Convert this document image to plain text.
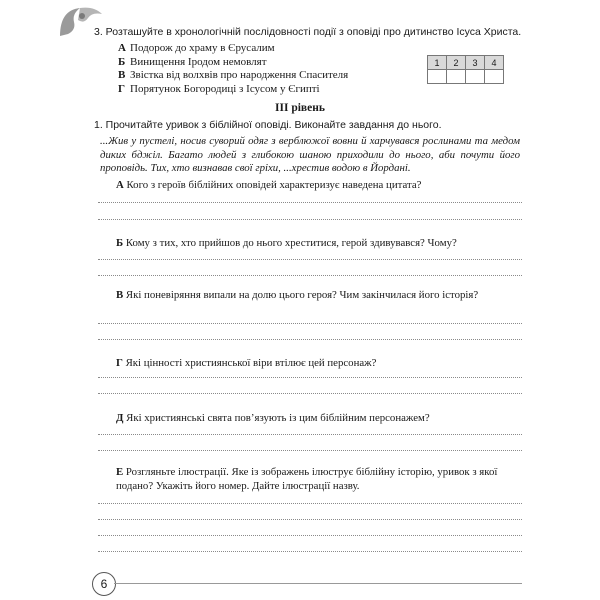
3. Розташуйте в хронологічній послідовності події з оповіді про дитинство Ісуса Христа.
А Подорож до храму в Єрусалим
Б Винищення Іродом немовлят
В Звістка від волхвів про народження Спасителя
Г Порятунок Богородиці з Ісусом у Єгипті
1	2	3	4

ІІІ рівень
1. Прочитайте уривок з біблійної оповіді. Виконайте завдання до нього.
...Жив у пустелі, носив суворий одяг з верблюжої вовни й харчувався рослинами та медом диких бджіл. Багато людей з глибокою шаною приходили до нього, аби почути його проповідь. Тих, хто визнавав свої гріхи, ...хрестив водою в Йордані.
А Кого з героїв біблійних оповідей характеризує наведена цитата?
Б Кому з тих, хто прийшов до нього хреститися, герой здивувався? Чому?
В Які поневіряння випали на долю цього героя? Чим закінчилася його історія?
Г Які цінності християнської віри втілює цей персонаж?
Д Які християнські свята пов’язують із цим біблійним персонажем?
Е Розгляньте ілюстрації. Яке із зображень ілюструє біблійну історію, уривок з якої подано? Укажіть його номер. Дайте ілюстрації назву.
6
